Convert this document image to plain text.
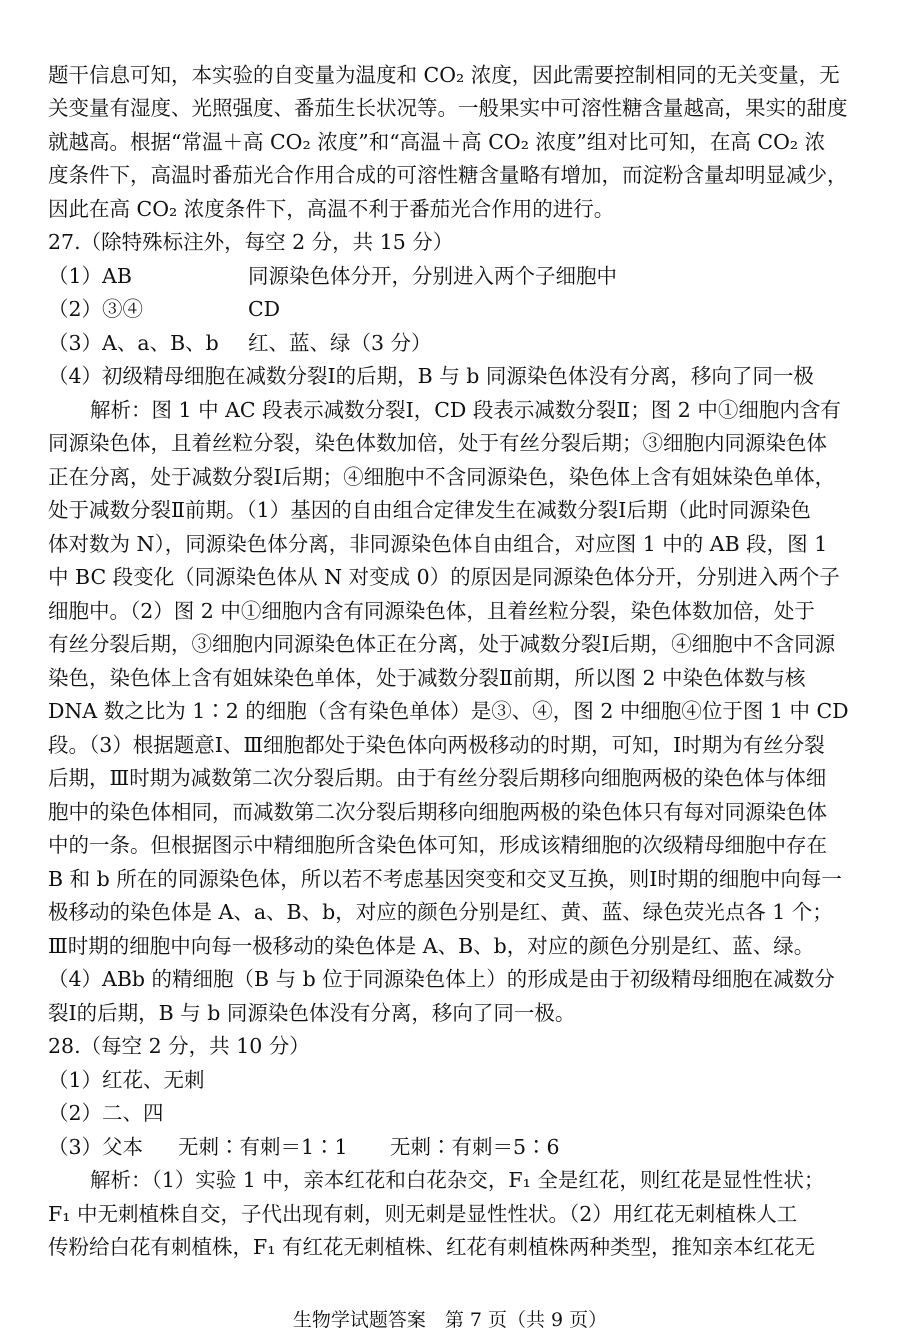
题干信息可知，本实验的自变量为温度和 CO₂ 浓度，因此需要控制相同的无关变量，无
关变量有湿度、光照强度、番茄生长状况等。一般果实中可溶性糖含量越高，果实的甜度
就越高。根据“常温＋高 CO₂ 浓度”和“高温＋高 CO₂ 浓度”组对比可知，在高 CO₂ 浓
度条件下，高温时番茄光合作用合成的可溶性糖含量略有增加，而淀粉含量却明显减少，
因此在高 CO₂ 浓度条件下，高温不利于番茄光合作用的进行。
27.（除特殊标注外，每空 2 分，共 15 分）
（1）AB	同源染色体分开，分别进入两个子细胞中
（2）③④	CD
（3）A、a、B、b 红、蓝、绿（3 分）
（4）初级精母细胞在减数分裂Ⅰ的后期，B 与 b 同源染色体没有分离，移向了同一极
解析：图 1 中 AC 段表示减数分裂Ⅰ，CD 段表示减数分裂Ⅱ；图 2 中①细胞内含有
同源染色体，且着丝粒分裂，染色体数加倍，处于有丝分裂后期；③细胞内同源染色体
正在分离，处于减数分裂Ⅰ后期；④细胞中不含同源染色，染色体上含有姐妹染色单体，
处于减数分裂Ⅱ前期。（1）基因的自由组合定律发生在减数分裂Ⅰ后期（此时同源染色
体对数为 N），同源染色体分离，非同源染色体自由组合，对应图 1 中的 AB 段，图 1
中 BC 段变化（同源染色体从 N 对变成 0）的原因是同源染色体分开，分别进入两个子
细胞中。（2）图 2 中①细胞内含有同源染色体，且着丝粒分裂，染色体数加倍，处于
有丝分裂后期，③细胞内同源染色体正在分离，处于减数分裂Ⅰ后期，④细胞中不含同源
染色，染色体上含有姐妹染色单体，处于减数分裂Ⅱ前期，所以图 2 中染色体数与核
DNA 数之比为 1∶2 的细胞（含有染色单体）是③、④，图 2 中细胞④位于图 1 中 CD
段。（3）根据题意Ⅰ、Ⅲ细胞都处于染色体向两极移动的时期，可知，Ⅰ时期为有丝分裂
后期，Ⅲ时期为减数第二次分裂后期。由于有丝分裂后期移向细胞两极的染色体与体细
胞中的染色体相同，而减数第二次分裂后期移向细胞两极的染色体只有每对同源染色体
中的一条。但根据图示中精细胞所含染色体可知，形成该精细胞的次级精母细胞中存在
B 和 b 所在的同源染色体，所以若不考虑基因突变和交叉互换，则Ⅰ时期的细胞中向每一
极移动的染色体是 A、a、B、b，对应的颜色分别是红、黄、蓝、绿色荧光点各 1 个；
Ⅲ时期的细胞中向每一极移动的染色体是 A、B、b，对应的颜色分别是红、蓝、绿。
（4）ABb 的精细胞（B 与 b 位于同源染色体上）的形成是由于初级精母细胞在减数分
裂Ⅰ的后期，B 与 b 同源染色体没有分离，移向了同一极。
28.（每空 2 分，共 10 分）
（1）红花、无刺
（2）二、四
（3）父本 无刺∶有刺＝1∶1 无刺∶有刺＝5∶6
解析：（1）实验 1 中，亲本红花和白花杂交，F₁ 全是红花，则红花是显性性状；
F₁ 中无刺植株自交，子代出现有刺，则无刺是显性性状。（2）用红花无刺植株人工
传粉给白花有刺植株，F₁ 有红花无刺植株、红花有刺植株两种类型，推知亲本红花无
生物学试题答案　第 7 页（共 9 页）
